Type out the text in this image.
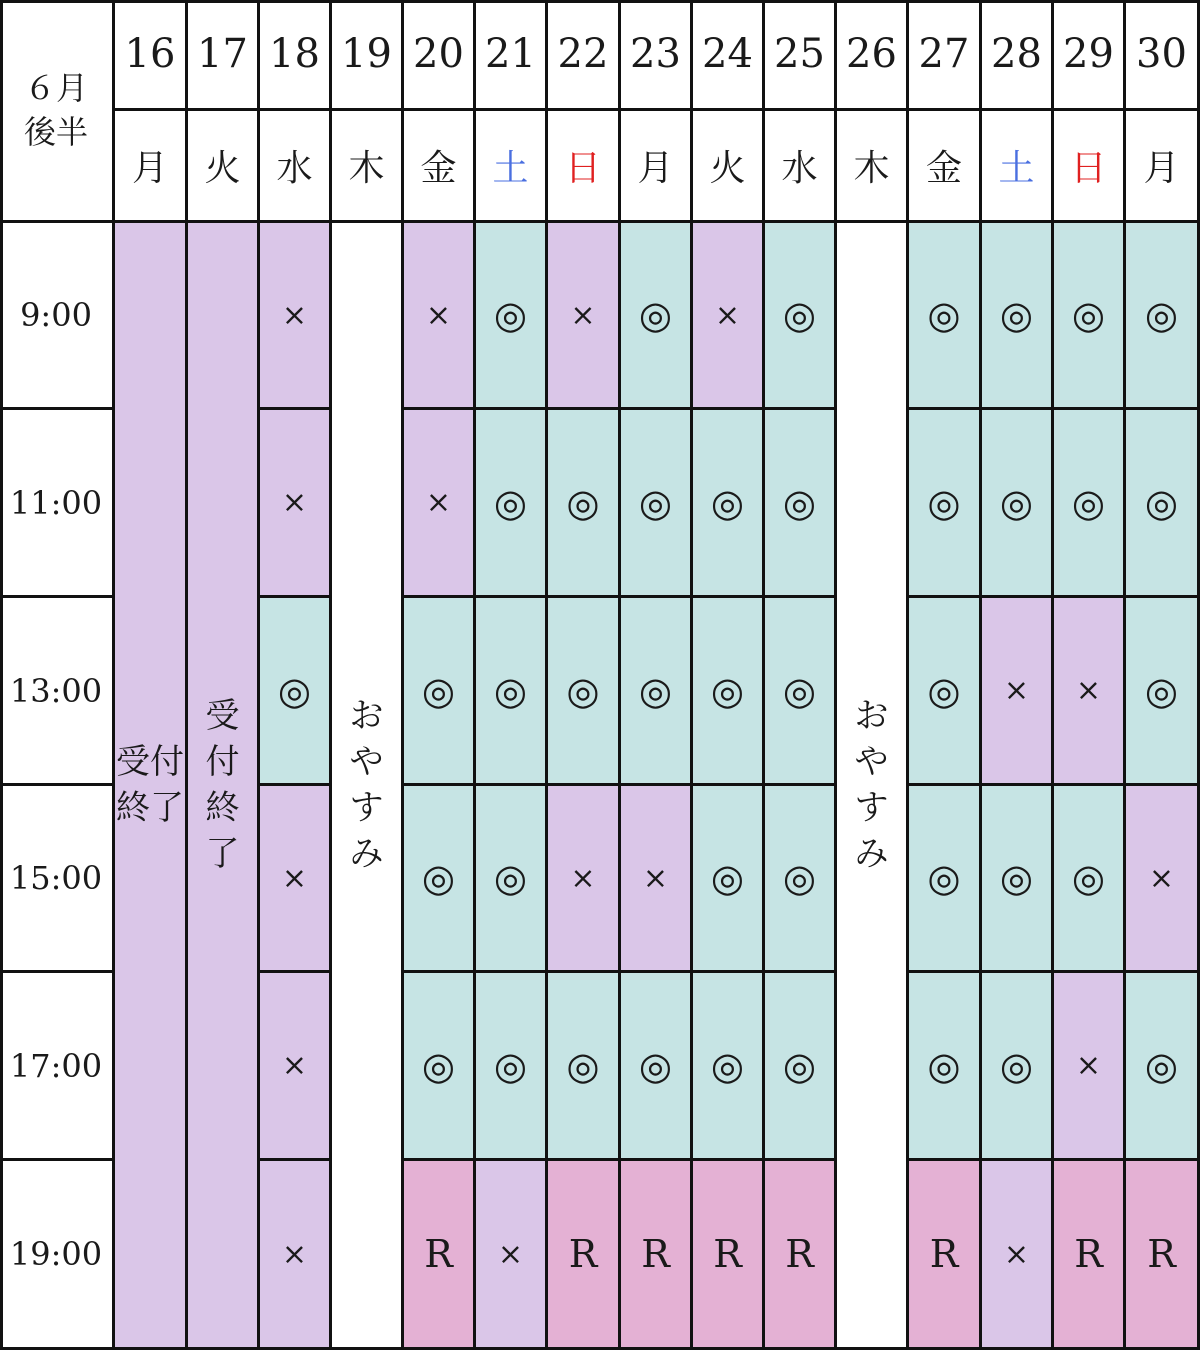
６月
後半
16
月
17
火
18
水
19
木
20
金
21
土
22
日
23
月
24
火
25
水
26
木
27
金
28
土
29
日
30
月
9:00
11:00
13:00
15:00
17:00
19:00
受付
終了
受
付
終
了
お
や
す
み
お
や
す
み
×
×
◎
×
×
×
×
×
◎
◎
◎
R
◎
◎
◎
◎
◎
×
×
◎
◎
×
◎
R
◎
◎
◎
×
◎
R
×
◎
◎
◎
◎
R
◎
◎
◎
◎
◎
R
◎
◎
◎
◎
◎
R
◎
◎
×
◎
◎
×
◎
◎
×
◎
×
R
◎
◎
◎
×
◎
R
